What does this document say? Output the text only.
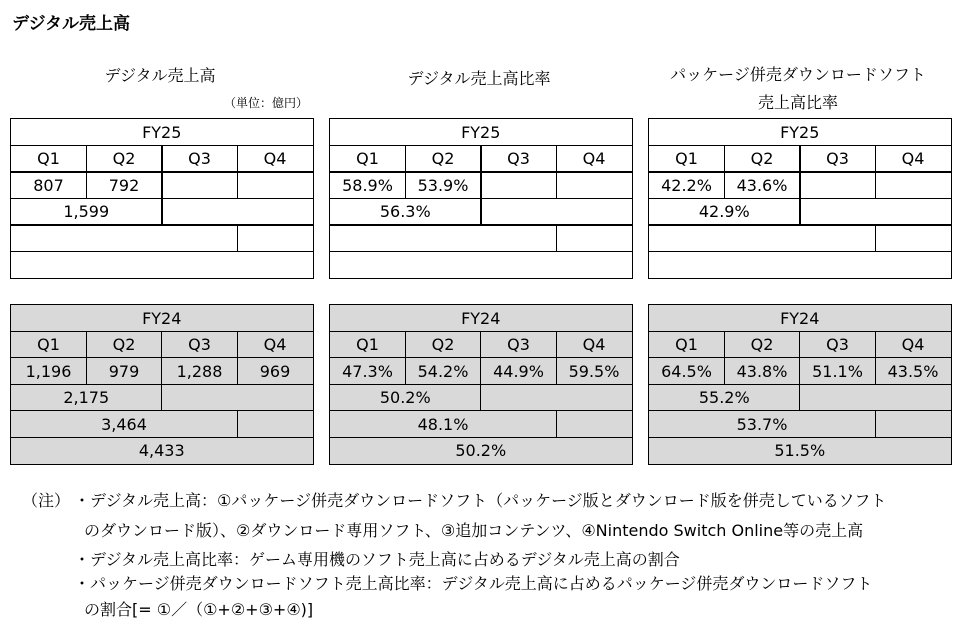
デジタル売上高
デジタル売上高
（単位：億円）
デジタル売上高比率	パッケージ併売ダウンロードソフト
売上高比率
FY25
Q1	Q2	Q3	Q4
807	792
1,599
FY24
Q1	Q2	Q3	Q4
1,196	979	1,288	969
2,175
3,464
4,433
FY25
Q1	Q2	Q3	Q4
58.9%	53.9%
56.3%
FY24
Q1	Q2	Q3	Q4
47.3%	54.2%	44.9%	59.5%
50.2%
48.1%
50.2%
FY25
Q1	Q2	Q3	Q4
42.2%	43.6%
42.9%
FY24
Q1	Q2	Q3	Q4
64.5%	43.8%	51.1%	43.5%
55.2%
53.7%
51.5%
（注） ・デジタル売上高：①パッケージ併売ダウンロードソフト（パッケージ版とダウンロード版を併売しているソフト
のダウンロード版）、②ダウンロード専用ソフト、③追加コンテンツ、④Nintendo Switch Online等の売上高
・デジタル売上高比率：ゲーム専用機のソフト売上高に占めるデジタル売上高の割合
・パッケージ併売ダウンロードソフト売上高比率：デジタル売上高に占めるパッケージ併売ダウンロードソフト
の割合[= ①／（①+②+③+④)]
